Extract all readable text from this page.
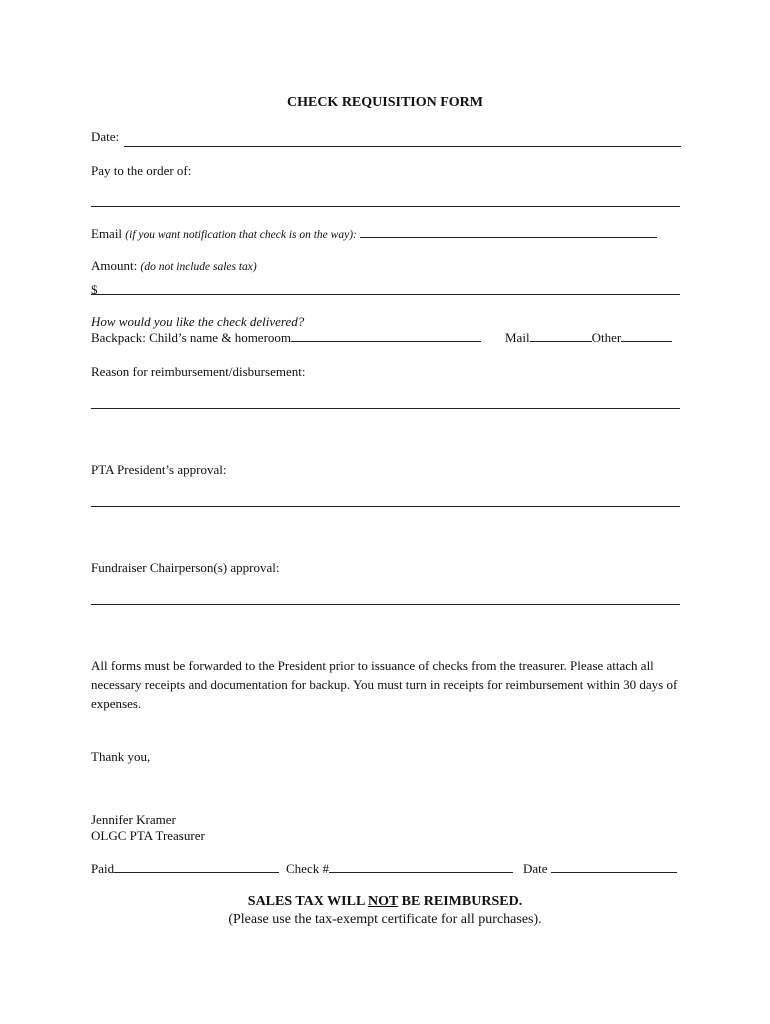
CHECK REQUISITION FORM
Date:
Pay to the order of:
Email (if you want notification that check is on the way):
Amount: (do not include sales tax)
$
How would you like the check delivered?
Backpack: Child’s name & homeroom	Mail	Other
Reason for reimbursement/disbursement:
PTA President’s approval:
Fundraiser Chairperson(s) approval:
All forms must be forwarded to the President prior to issuance of checks from the treasurer. Please attach all necessary receipts and documentation for backup. You must turn in receipts for reimbursement within 30 days of expenses.
Thank you,
Jennifer Kramer
OLGC PTA Treasurer
Paid	Check #	Date
SALES TAX WILL NOT BE REIMBURSED.
(Please use the tax-exempt certificate for all purchases).
